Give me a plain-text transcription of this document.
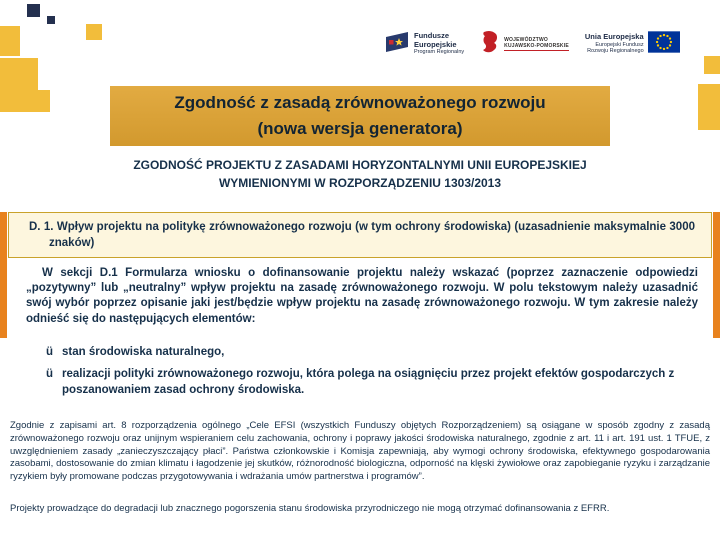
Fundusze
Europejskie
Program Regionalny
WOJEWÓDZTWO
KUJAWSKO-POMORSKIE
Unia Europejska
Europejski Fundusz
Rozwoju Regionalnego
Zgodność z zasadą zrównoważonego rozwoju
(nowa wersja generatora)
ZGODNOŚĆ PROJEKTU Z ZASADAMI HORYZONTALNYMI UNII EUROPEJSKIEJ
WYMIENIONYMI W ROZPORZĄDZENIU 1303/2013
D. 1. Wpływ projektu na politykę zrównoważonego rozwoju (w tym ochrony środowiska) (uzasadnienie maksymalnie 3000 znaków)
W sekcji D.1 Formularza wniosku o dofinansowanie projektu należy wskazać (poprzez zaznaczenie odpowiedzi „pozytywny” lub „neutralny” wpływ projektu na zasadę zrównoważonego rozwoju. W polu tekstowym należy uzasadnić swój wybór poprzez opisanie jaki jest/będzie wpływ projektu na zasadę zrównoważonego rozwoju. W tym zakresie należy odnieść się do następujących elementów:
ü stan środowiska naturalnego,
ü realizacji polityki zrównoważonego rozwoju, która polega na osiągnięciu przez projekt efektów gospodarczych z poszanowaniem zasad ochrony środowiska.
Zgodnie z zapisami art. 8 rozporządzenia ogólnego „Cele EFSI (wszystkich Funduszy objętych Rozporządzeniem) są osiągane w sposób zgodny z zasadą zrównoważonego rozwoju oraz unijnym wspieraniem celu zachowania, ochrony i poprawy jakości środowiska naturalnego, zgodnie z art. 11 i art. 191 ust. 1 TFUE, z uwzględnieniem zasady „zanieczyszczający płaci”. Państwa członkowskie i Komisja zapewniają, aby wymogi ochrony środowiska, efektywnego gospodarowania zasobami, dostosowanie do zmian klimatu i łagodzenie jej skutków, różnorodność biologiczna, odporność na klęski żywiołowe oraz zapobieganie ryzyku i zarządzanie ryzykiem były promowane podczas przygotowywania i wdrażania umów partnerstwa i programów”.
Projekty prowadzące do degradacji lub znacznego pogorszenia stanu środowiska przyrodniczego nie mogą otrzymać dofinansowania z EFRR.
